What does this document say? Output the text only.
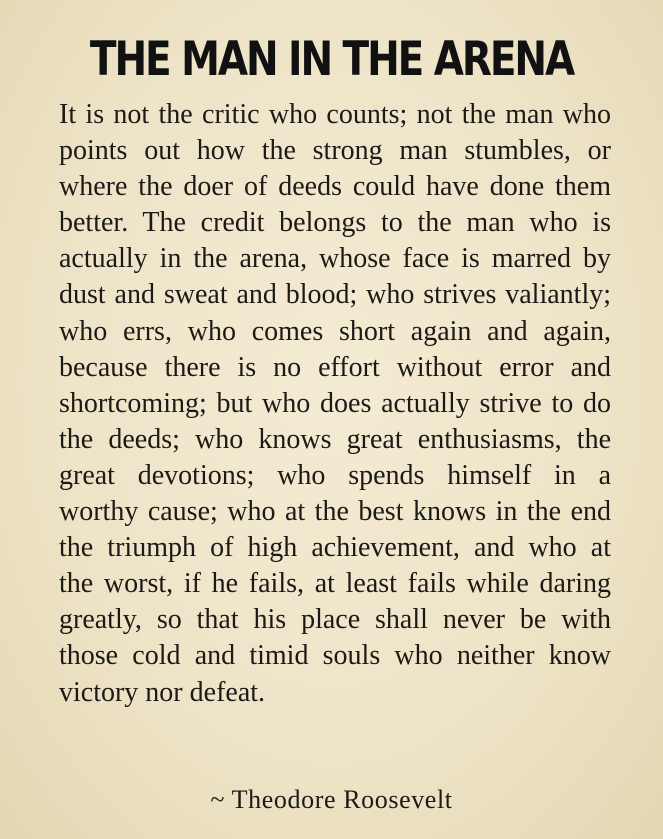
THE MAN IN THE ARENA
It is not the critic who counts; not the man who
points out how the strong man stumbles, or
where the doer of deeds could have done them
better. The credit belongs to the man who is
actually in the arena, whose face is marred by
dust and sweat and blood; who strives valiantly;
who errs, who comes short again and again,
because there is no effort without error and
shortcoming; but who does actually strive to do
the deeds; who knows great enthusiasms, the
great devotions; who spends himself in a
worthy cause; who at the best knows in the end
the triumph of high achievement, and who at
the worst, if he fails, at least fails while daring
greatly, so that his place shall never be with
those cold and timid souls who neither know
victory nor defeat.
~ Theodore Roosevelt
